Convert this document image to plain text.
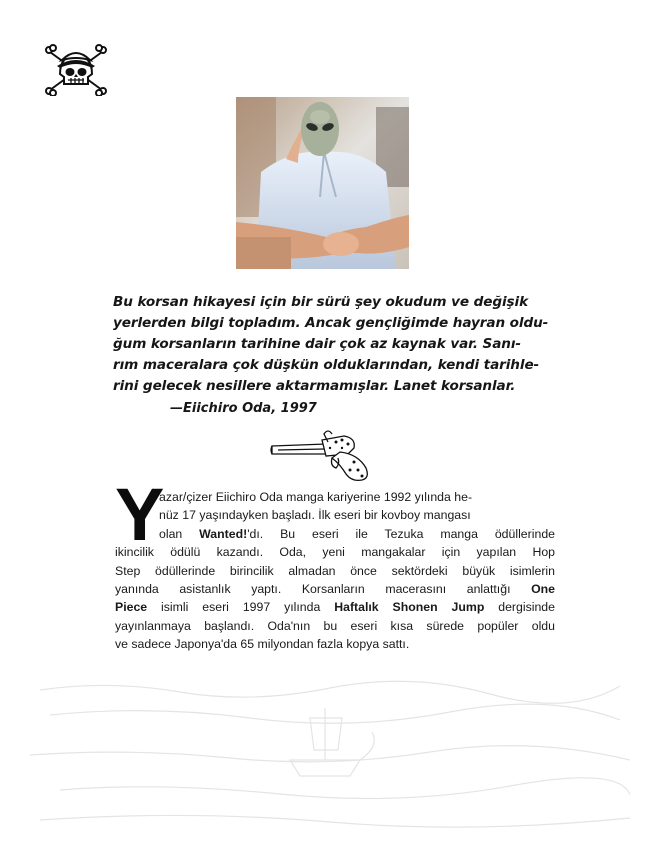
Bu korsan hikayesi için bir sürü şey okudum ve değişik
yerlerden bilgi topladım. Ancak gençliğimde hayran oldu-
ğum korsanların tarihine dair çok az kaynak var. Sanı-
rım maceralara çok düşkün olduklarından, kendi tarihle-
rini gelecek nesillere aktarmamışlar. Lanet korsanlar.
—Eiichiro Oda, 1997
Y
azar/çizer Eiichiro Oda manga kariyerine 1992 yılında he-
nüz 17 yaşındayken başladı. İlk eseri bir kovboy mangası
olan Wanted!'dı. Bu eseri ile Tezuka manga ödüllerinde
ikincilik ödülü kazandı. Oda, yeni mangakalar için yapılan Hop
Step ödüllerinde birincilik almadan önce sektördeki büyük isimlerin
yanında asistanlık yaptı. Korsanların macerasını anlattığı One
Piece isimli eseri 1997 yılında Haftalık Shonen Jump dergisinde
yayınlanmaya başlandı. Oda'nın bu eseri kısa sürede popüler oldu
ve sadece Japonya'da 65 milyondan fazla kopya sattı.
